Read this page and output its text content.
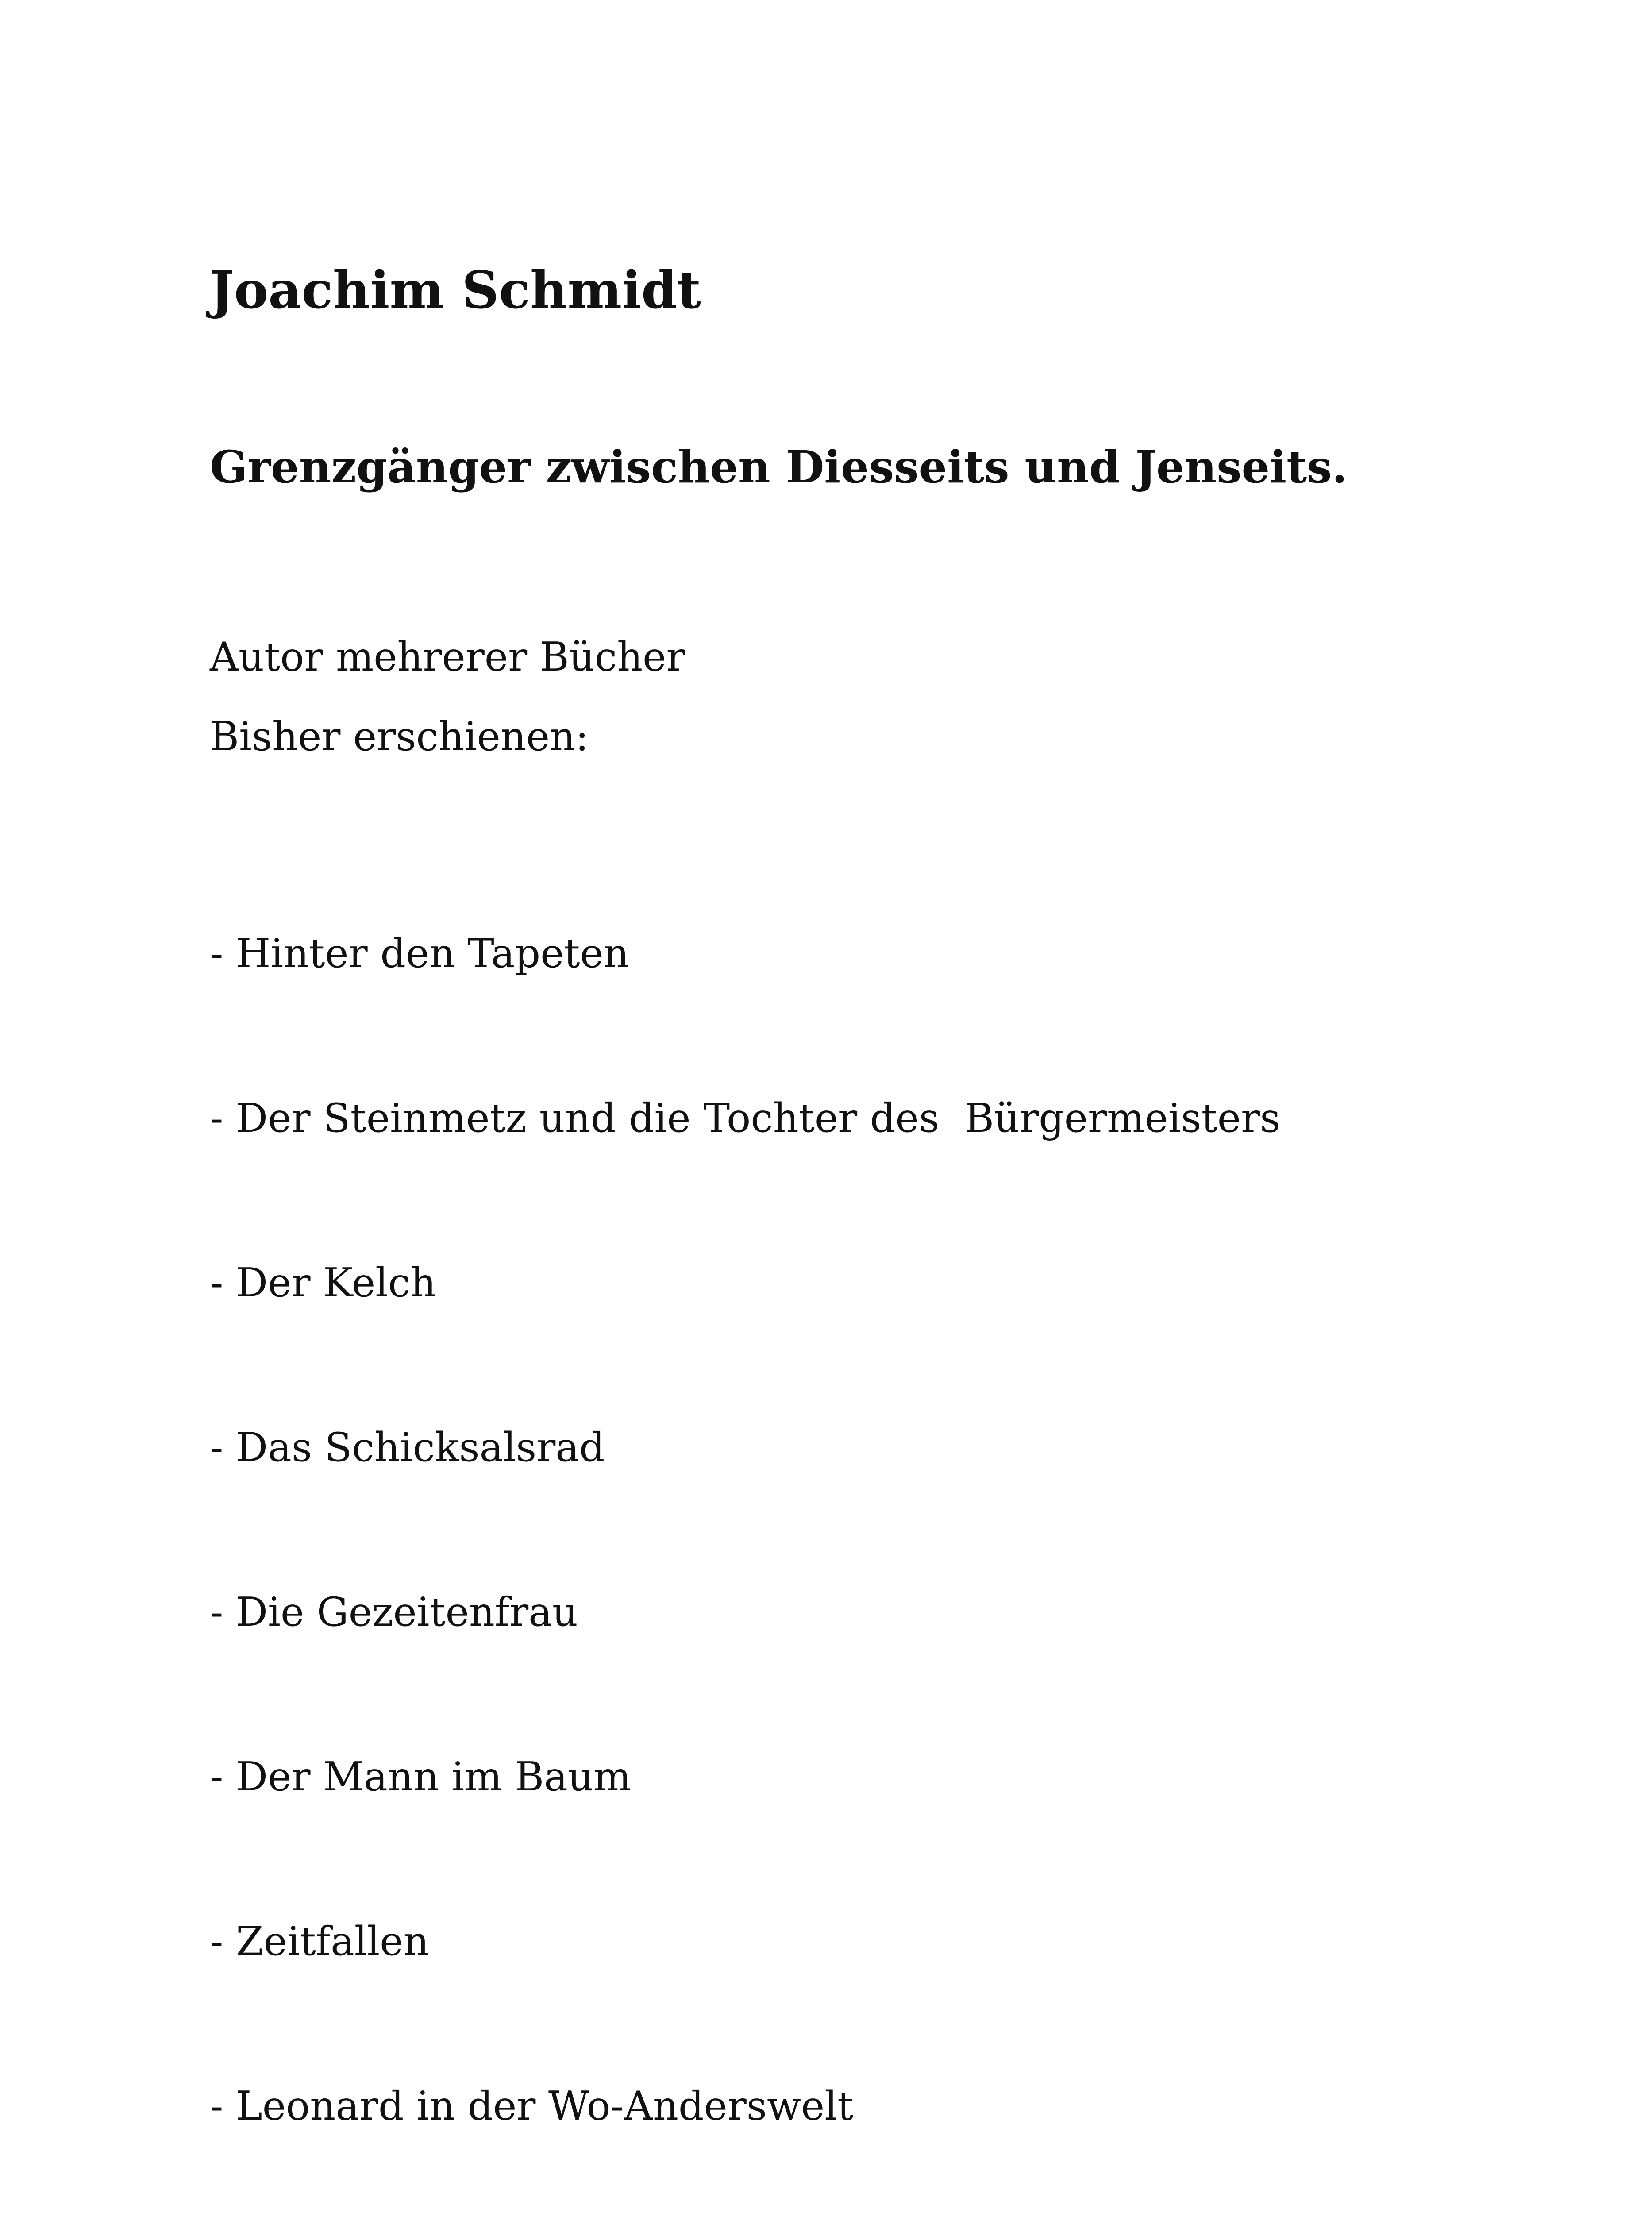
Joachim Schmidt
Grenzgänger zwischen Diesseits und Jenseits.
Autor mehrerer Bücher
Bisher erschienen:

- Hinter den Tapeten

- Der Steinmetz und die Tochter des  Bürgermeisters

- Der Kelch

- Das Schicksalsrad

- Die Gezeitenfrau

- Der Mann im Baum

- Zeitfallen

- Leonard in der Wo-Anderswelt
